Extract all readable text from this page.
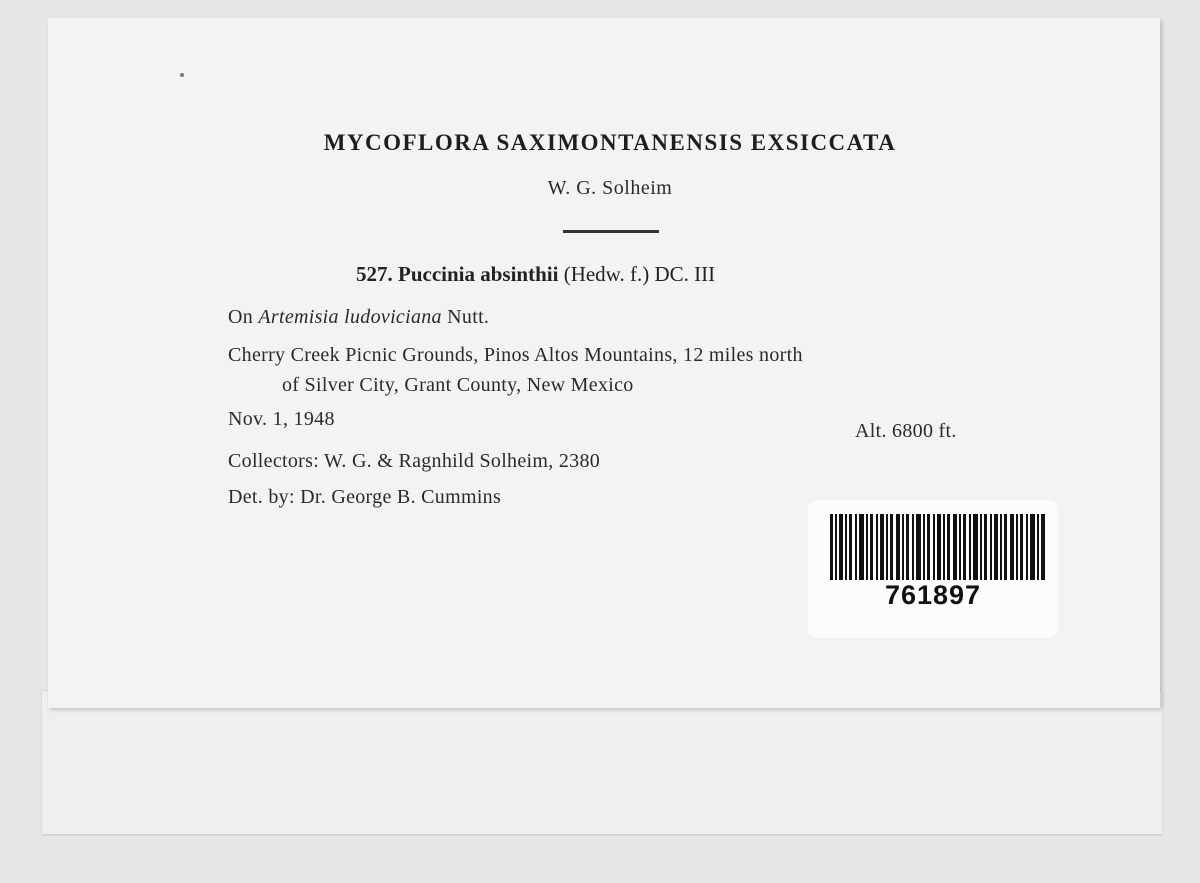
MYCOFLORA SAXIMONTANENSIS EXSICCATA
W. G. Solheim
527. Puccinia absinthii (Hedw. f.) DC. III
On Artemisia ludoviciana Nutt.
Cherry Creek Picnic Grounds, Pinos Altos Mountains, 12 miles north
of Silver City, Grant County, New Mexico
Nov. 1, 1948
Alt. 6800 ft.
Collectors: W. G. & Ragnhild Solheim, 2380
Det. by: Dr. George B. Cummins
761897
